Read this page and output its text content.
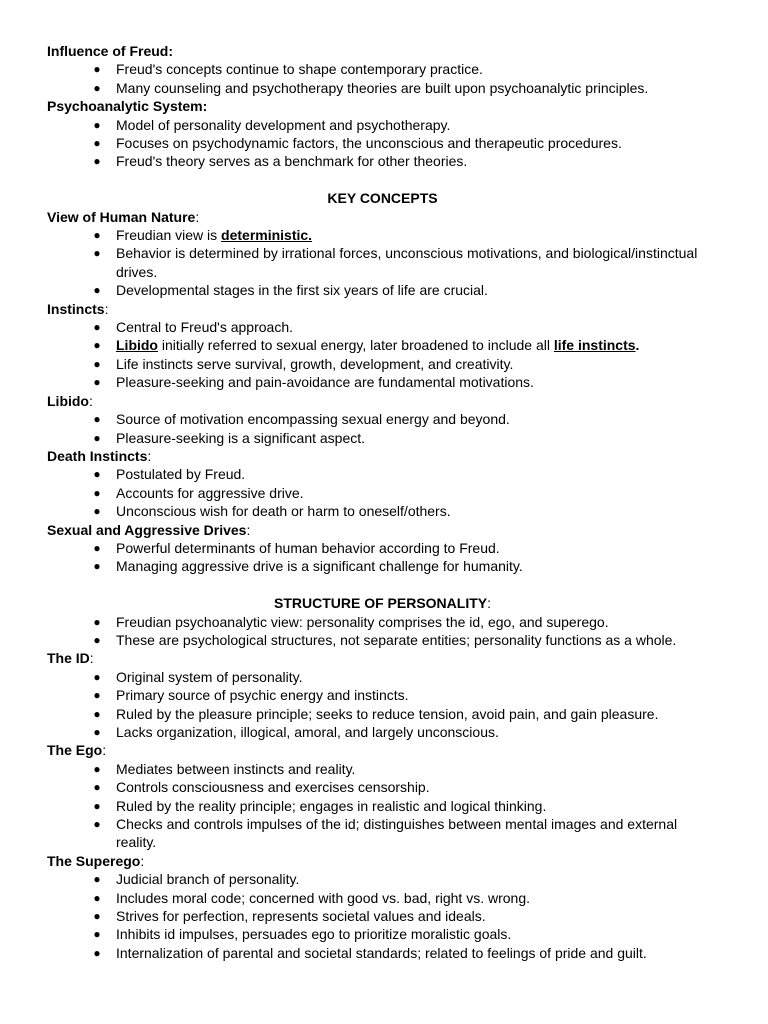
Influence of Freud:
● Freud's concepts continue to shape contemporary practice.
● Many counseling and psychotherapy theories are built upon psychoanalytic principles.
Psychoanalytic System:
● Model of personality development and psychotherapy.
● Focuses on psychodynamic factors, the unconscious and therapeutic procedures.
● Freud's theory serves as a benchmark for other theories.
KEY CONCEPTS
View of Human Nature:
● Freudian view is deterministic.
● Behavior is determined by irrational forces, unconscious motivations, and biological/instinctual drives.
● Developmental stages in the first six years of life are crucial.
Instincts:
● Central to Freud's approach.
● Libido initially referred to sexual energy, later broadened to include all life instincts.
● Life instincts serve survival, growth, development, and creativity.
● Pleasure-seeking and pain-avoidance are fundamental motivations.
Libido:
● Source of motivation encompassing sexual energy and beyond.
● Pleasure-seeking is a significant aspect.
Death Instincts:
● Postulated by Freud.
● Accounts for aggressive drive.
● Unconscious wish for death or harm to oneself/others.
Sexual and Aggressive Drives:
● Powerful determinants of human behavior according to Freud.
● Managing aggressive drive is a significant challenge for humanity.
STRUCTURE OF PERSONALITY:
● Freudian psychoanalytic view: personality comprises the id, ego, and superego.
● These are psychological structures, not separate entities; personality functions as a whole.
The ID:
● Original system of personality.
● Primary source of psychic energy and instincts.
● Ruled by the pleasure principle; seeks to reduce tension, avoid pain, and gain pleasure.
● Lacks organization, illogical, amoral, and largely unconscious.
The Ego:
● Mediates between instincts and reality.
● Controls consciousness and exercises censorship.
● Ruled by the reality principle; engages in realistic and logical thinking.
● Checks and controls impulses of the id; distinguishes between mental images and external reality.
The Superego:
● Judicial branch of personality.
● Includes moral code; concerned with good vs. bad, right vs. wrong.
● Strives for perfection, represents societal values and ideals.
● Inhibits id impulses, persuades ego to prioritize moralistic goals.
● Internalization of parental and societal standards; related to feelings of pride and guilt.
